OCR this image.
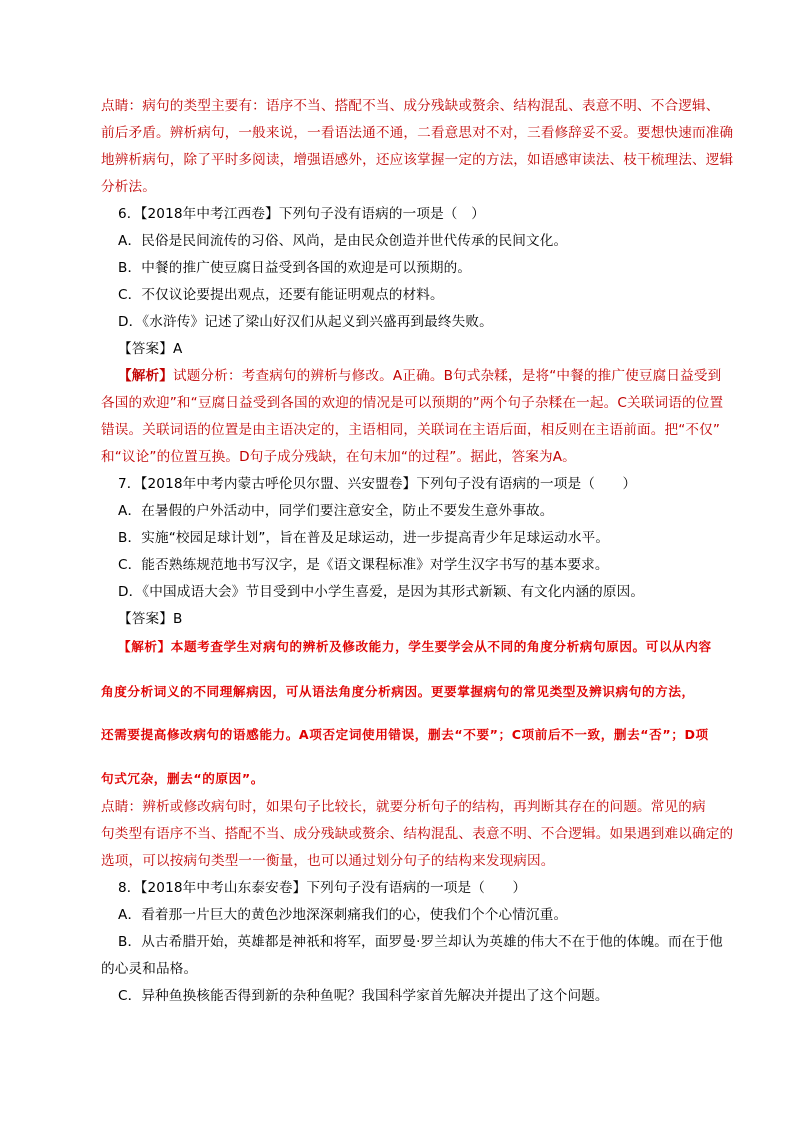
点睛：病句的类型主要有：语序不当、搭配不当、成分残缺或赘余、结构混乱、表意不明、不合逻辑、
前后矛盾。辨析病句，一般来说，一看语法通不通，二看意思对不对，三看修辞妥不妥。要想快速而准确
地辨析病句，除了平时多阅读，增强语感外，还应该掌握一定的方法，如语感审读法、枝干梳理法、逻辑
分析法。
6．【2018年中考江西卷】下列句子没有语病的一项是（　）
A．民俗是民间流传的习俗、风尚，是由民众创造并世代传承的民间文化。
B．中餐的推广使豆腐日益受到各国的欢迎是可以预期的。
C．不仅议论要提出观点，还要有能证明观点的材料。
D．《水浒传》记述了梁山好汉们从起义到兴盛再到最终失败。
【答案】A
【解析】试题分析：考查病句的辨析与修改。A正确。B句式杂糅，是将“中餐的推广使豆腐日益受到
各国的欢迎”和“豆腐日益受到各国的欢迎的情况是可以预期的”两个句子杂糅在一起。C关联词语的位置
错误。关联词语的位置是由主语决定的，主语相同，关联词在主语后面，相反则在主语前面。把“不仅”
和“议论”的位置互换。D句子成分残缺，在句末加“的过程”。据此，答案为A。
7．【2018年中考内蒙古呼伦贝尔盟、兴安盟卷】下列句子没有语病的一项是（　　）
A．在暑假的户外活动中，同学们要注意安全，防止不要发生意外事故。
B．实施“校园足球计划”，旨在普及足球运动，进一步提高青少年足球运动水平。
C．能否熟练规范地书写汉字，是《语文课程标准》对学生汉字书写的基本要求。
D．《中国成语大会》节目受到中小学生喜爱，是因为其形式新颖、有文化内涵的原因。
【答案】B
【解析】本题考查学生对病句的辨析及修改能力，学生要学会从不同的角度分析病句原因。可以从内容
角度分析词义的不同理解病因，可从语法角度分析病因。更要掌握病句的常见类型及辨识病句的方法，
还需要提高修改病句的语感能力。A项否定词使用错误，删去“不要”；C项前后不一致，删去“否”；D项
句式冗杂，删去“的原因”。
点睛：辨析或修改病句时，如果句子比较长，就要分析句子的结构，再判断其存在的问题。常见的病
句类型有语序不当、搭配不当、成分残缺或赘余、结构混乱、表意不明、不合逻辑。如果遇到难以确定的
选项，可以按病句类型一一衡量，也可以通过划分句子的结构来发现病因。
8．【2018年中考山东泰安卷】下列句子没有语病的一项是（　　）
A．看着那一片巨大的黄色沙地深深刺痛我们的心，使我们个个心情沉重。
B．从古希腊开始，英雄都是神祇和将军，面罗曼·罗兰却认为英雄的伟大不在于他的体魄。而在于他
的心灵和品格。
C．异种鱼换核能否得到新的杂种鱼呢？我国科学家首先解决并提出了这个问题。
